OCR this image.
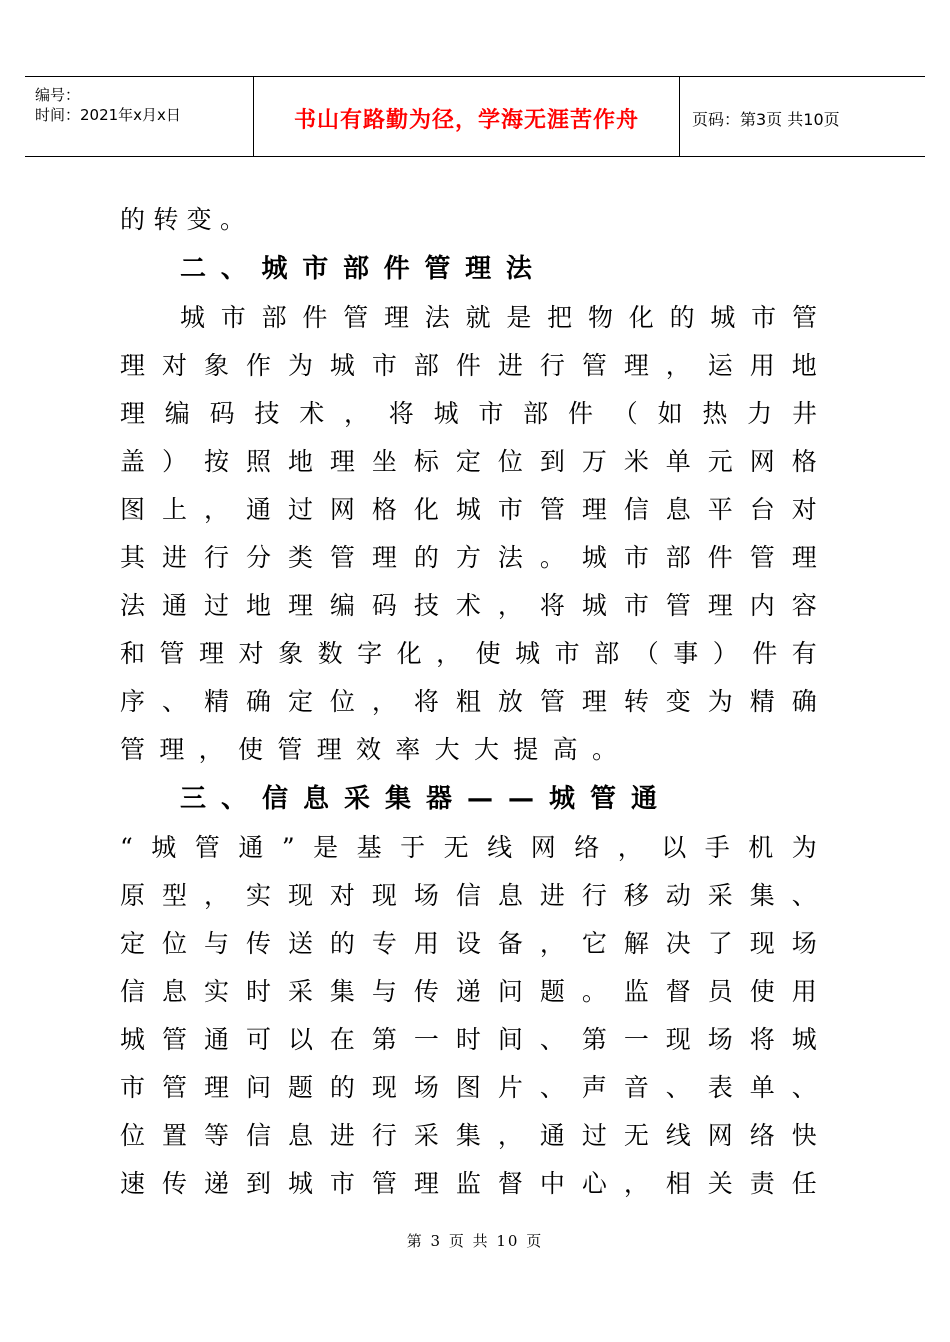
编号：
时间：2021年x月x日	书山有路勤为径，学海无涯苦作舟	页码：第3页 共10页
的 转 变 。
二 、 城 市 部 件 管 理 法
城 市 部 件 管 理 法 就 是 把 物 化 的 城 市 管
理 对 象 作 为 城 市 部 件 进 行 管 理 ， 运 用 地
理 编 码 技 术 ， 将 城 市 部 件 （ 如 热 力 井
盖 ） 按 照 地 理 坐 标 定 位 到 万 米 单 元 网 格
图 上 ， 通 过 网 格 化 城 市 管 理 信 息 平 台 对
其 进 行 分 类 管 理 的 方 法 。 城 市 部 件 管 理
法 通 过 地 理 编 码 技 术 ， 将 城 市 管 理 内 容
和 管 理 对 象 数 字 化 ， 使 城 市 部 （ 事 ） 件 有
序 、 精 确 定 位 ， 将 粗 放 管 理 转 变 为 精 确
管 理 ， 使 管 理 效 率 大 大 提 高 。
三 、 信 息 采 集 器 — — 城 管 通
“ 城 管 通 ” 是 基 于 无 线 网 络 ， 以 手 机 为
原 型 ， 实 现 对 现 场 信 息 进 行 移 动 采 集 、
定 位 与 传 送 的 专 用 设 备 ， 它 解 决 了 现 场
信 息 实 时 采 集 与 传 递 问 题 。 监 督 员 使 用
城 管 通 可 以 在 第 一 时 间 、 第 一 现 场 将 城
市 管 理 问 题 的 现 场 图 片 、 声 音 、 表 单 、
位 置 等 信 息 进 行 采 集 ， 通 过 无 线 网 络 快
速 传 递 到 城 市 管 理 监 督 中 心 ， 相 关 责 任
第 3 页 共 10 页
